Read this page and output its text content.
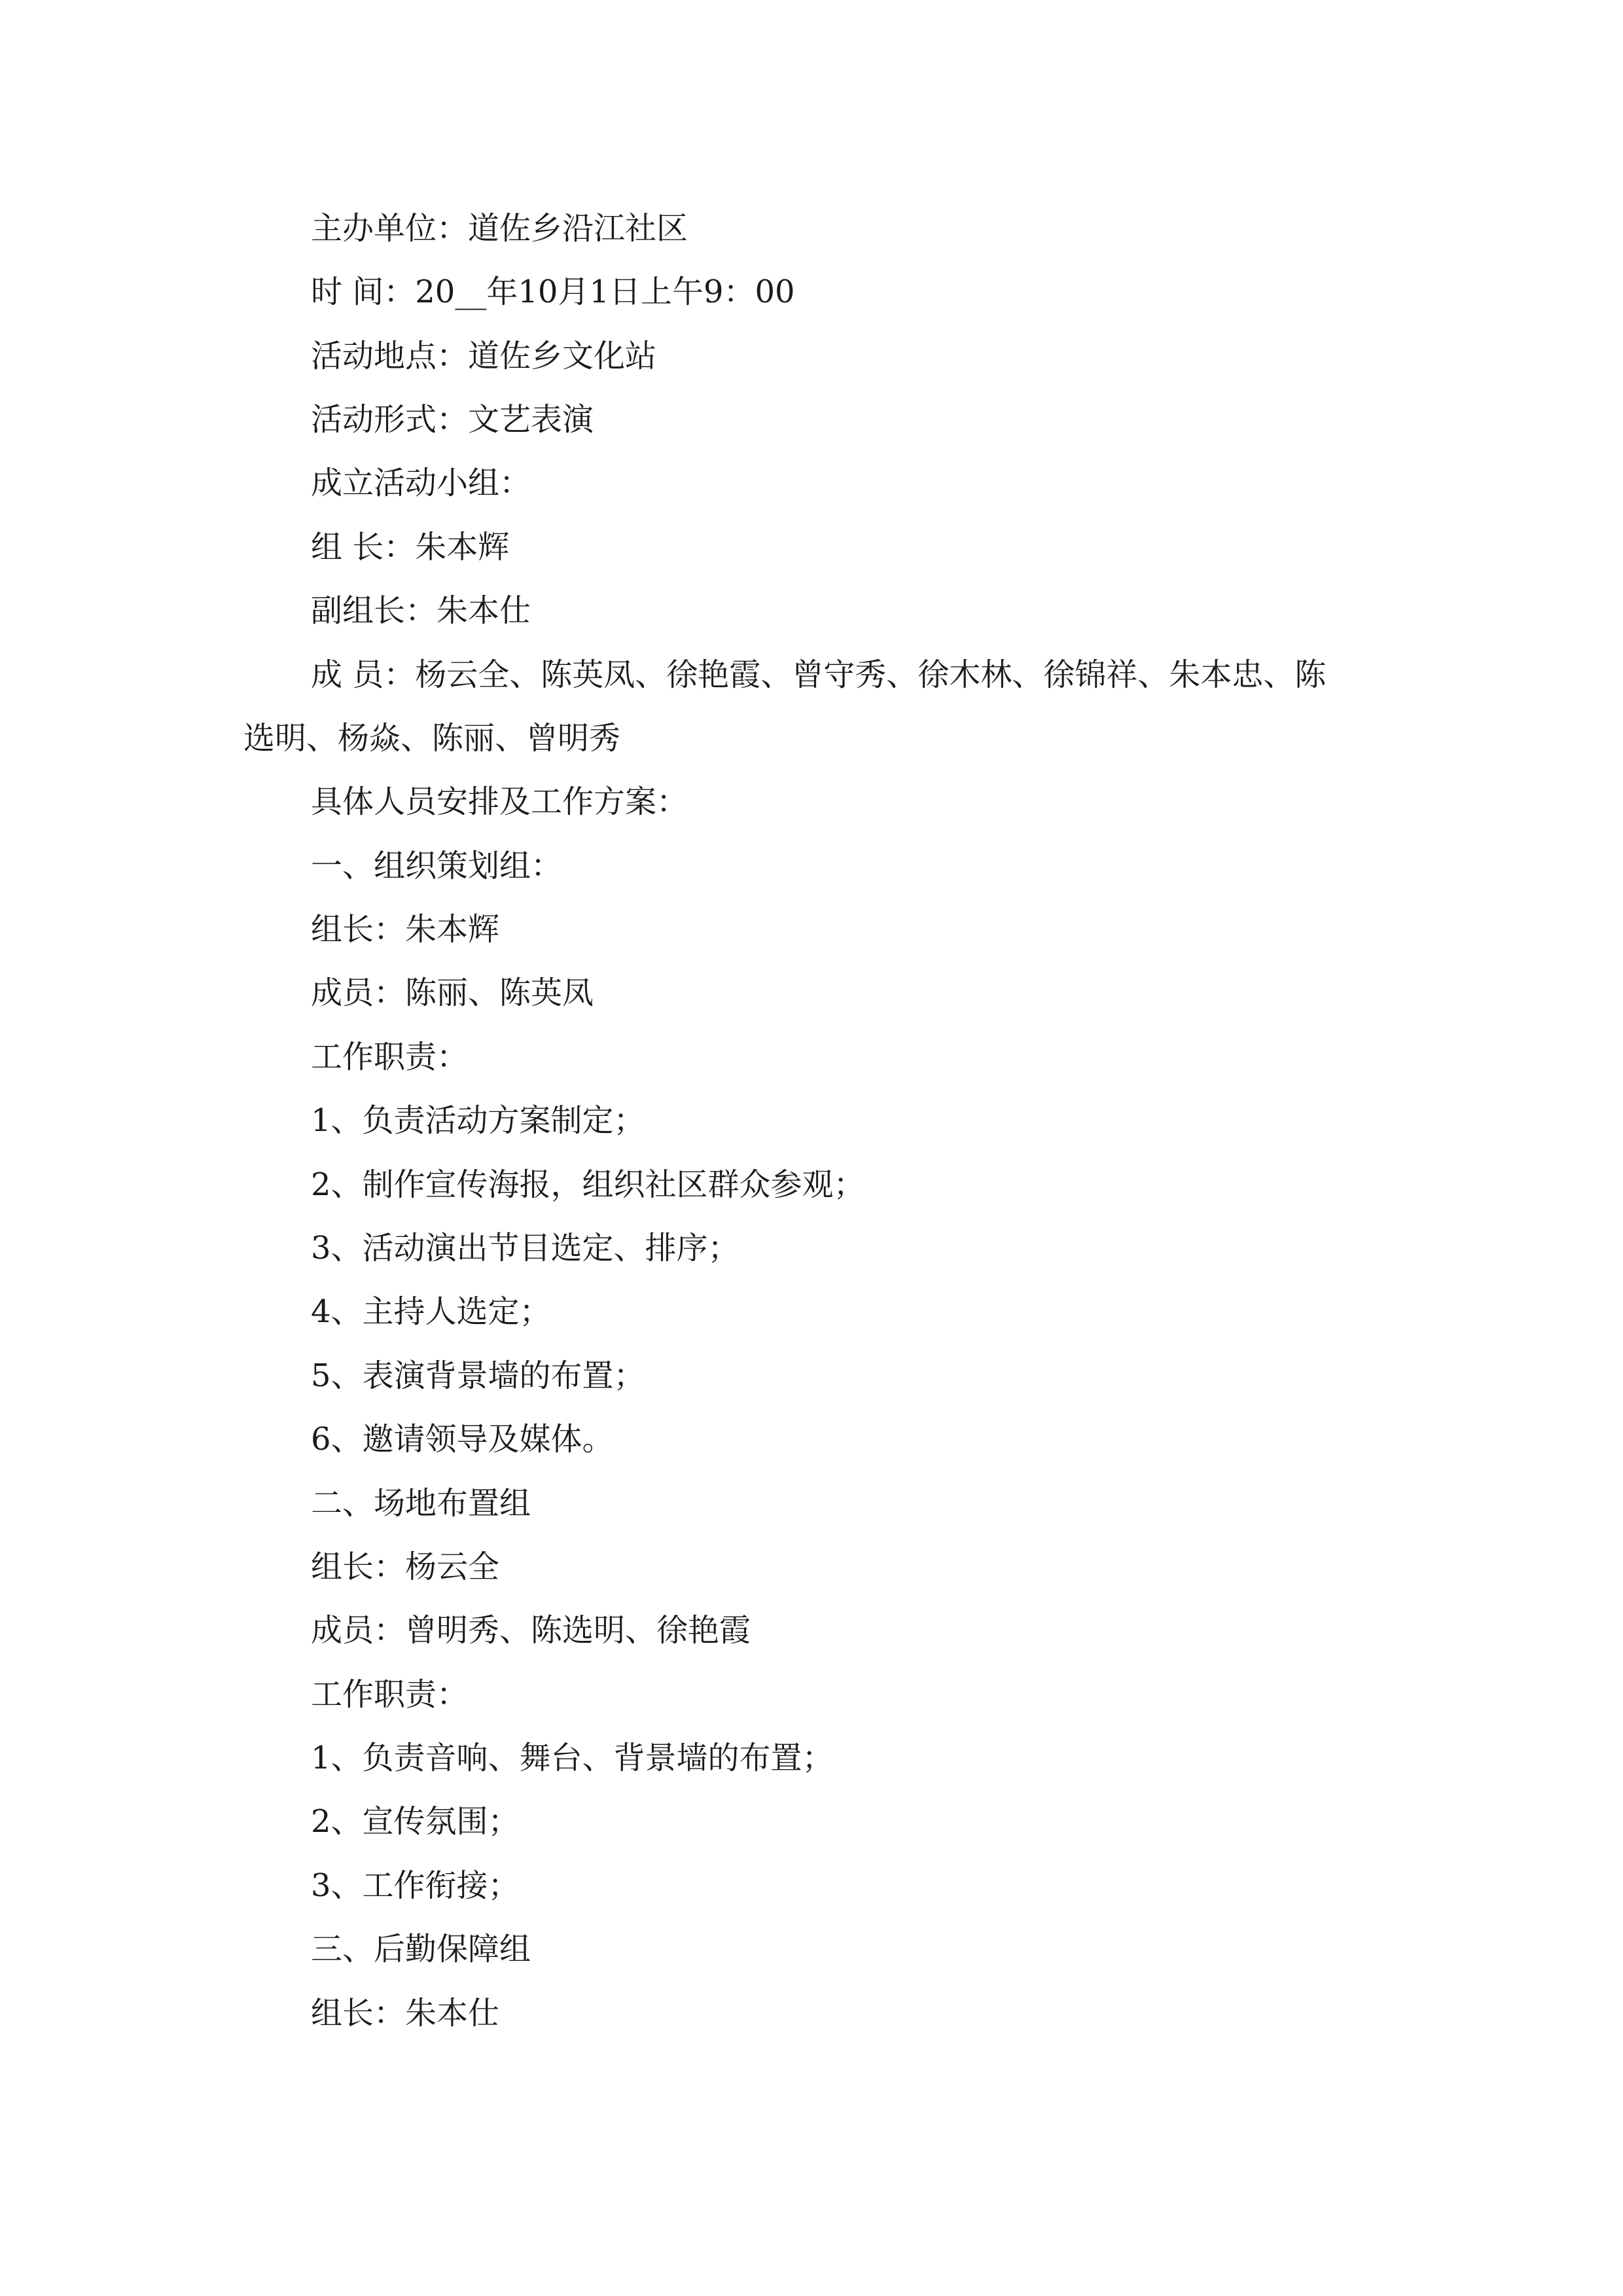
主办单位：道佐乡沿江社区

时 间：20__年10月1日上午9：00

活动地点：道佐乡文化站

活动形式：文艺表演

成立活动小组：

组 长：朱本辉

副组长：朱本仕

成 员：杨云全、陈英凤、徐艳霞、曾守秀、徐木林、徐锦祥、朱本忠、陈

选明、杨焱、陈丽、曾明秀

具体人员安排及工作方案：

一、组织策划组：

组长：朱本辉

成员：陈丽、陈英凤

工作职责：

1、负责活动方案制定；

2、制作宣传海报，组织社区群众参观；

3、活动演出节目选定、排序；

4、主持人选定；

5、表演背景墙的布置；

6、邀请领导及媒体。

二、场地布置组

组长：杨云全

成员：曾明秀、陈选明、徐艳霞

工作职责：

1、负责音响、舞台、背景墙的布置；

2、宣传氛围；

3、工作衔接；

三、后勤保障组

组长：朱本仕
